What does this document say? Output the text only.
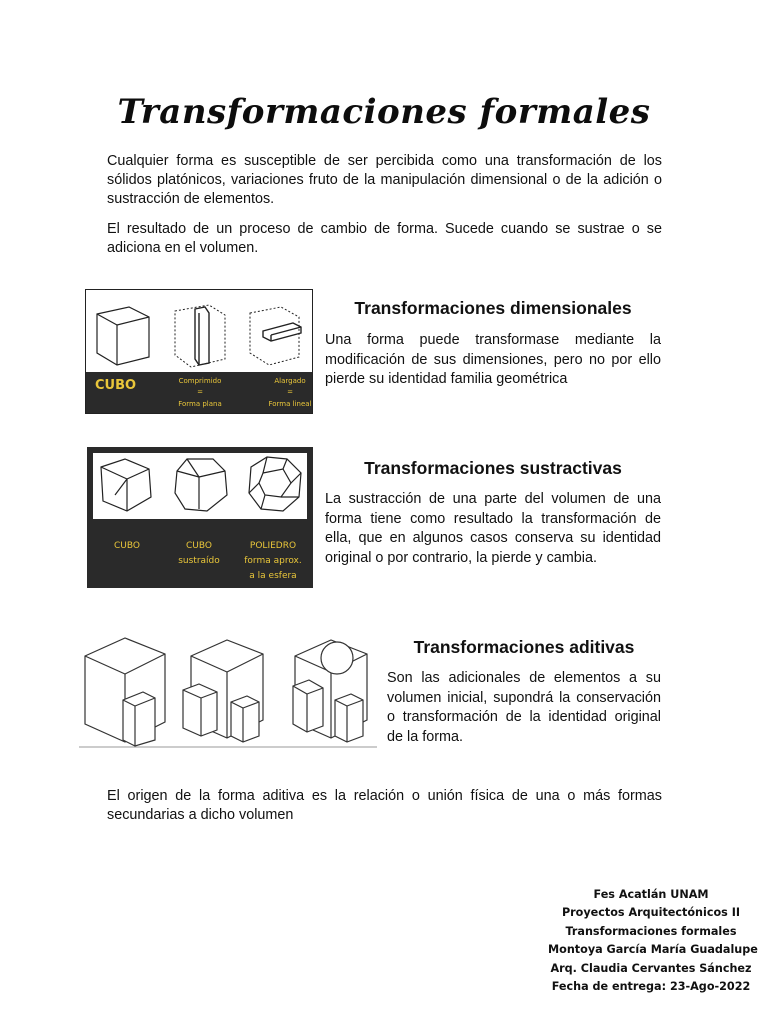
Transformaciones formales

Cualquier forma es susceptible de ser percibida como una transformación de los sólidos platónicos, variaciones fruto de la manipulación dimensional o de la adición o sustracción de elementos.

El resultado de un proceso de cambio de forma. Sucede cuando se sustrae o se adiciona en el volumen.

CUBO	Comprimido
=
Forma plana
Alargado
=
Forma lineal
Transformaciones dimensionales

Una forma puede transformase mediante la modificación de sus dimensiones, pero no por ello pierde su identidad familia geométrica

CUBO	CUBO
sustraído
POLIEDRO
forma aprox.
a la esfera
Transformaciones sustractivas

La sustracción de una parte del volumen de una forma tiene como resultado la transformación de ella, que en algunos casos conserva su identidad original o por contrario, la pierde y cambia.

Transformaciones aditivas

Son las adicionales de elementos a su volumen inicial, supondrá la conservación o transformación de la identidad original de la forma.

El origen de la forma aditiva es la relación o unión física de una o más formas secundarias a dicho volumen

Fes Acatlán UNAM
Proyectos Arquitectónicos II
Transformaciones formales
Montoya García María Guadalupe
Arq. Claudia Cervantes Sánchez
Fecha de entrega: 23-Ago-2022
